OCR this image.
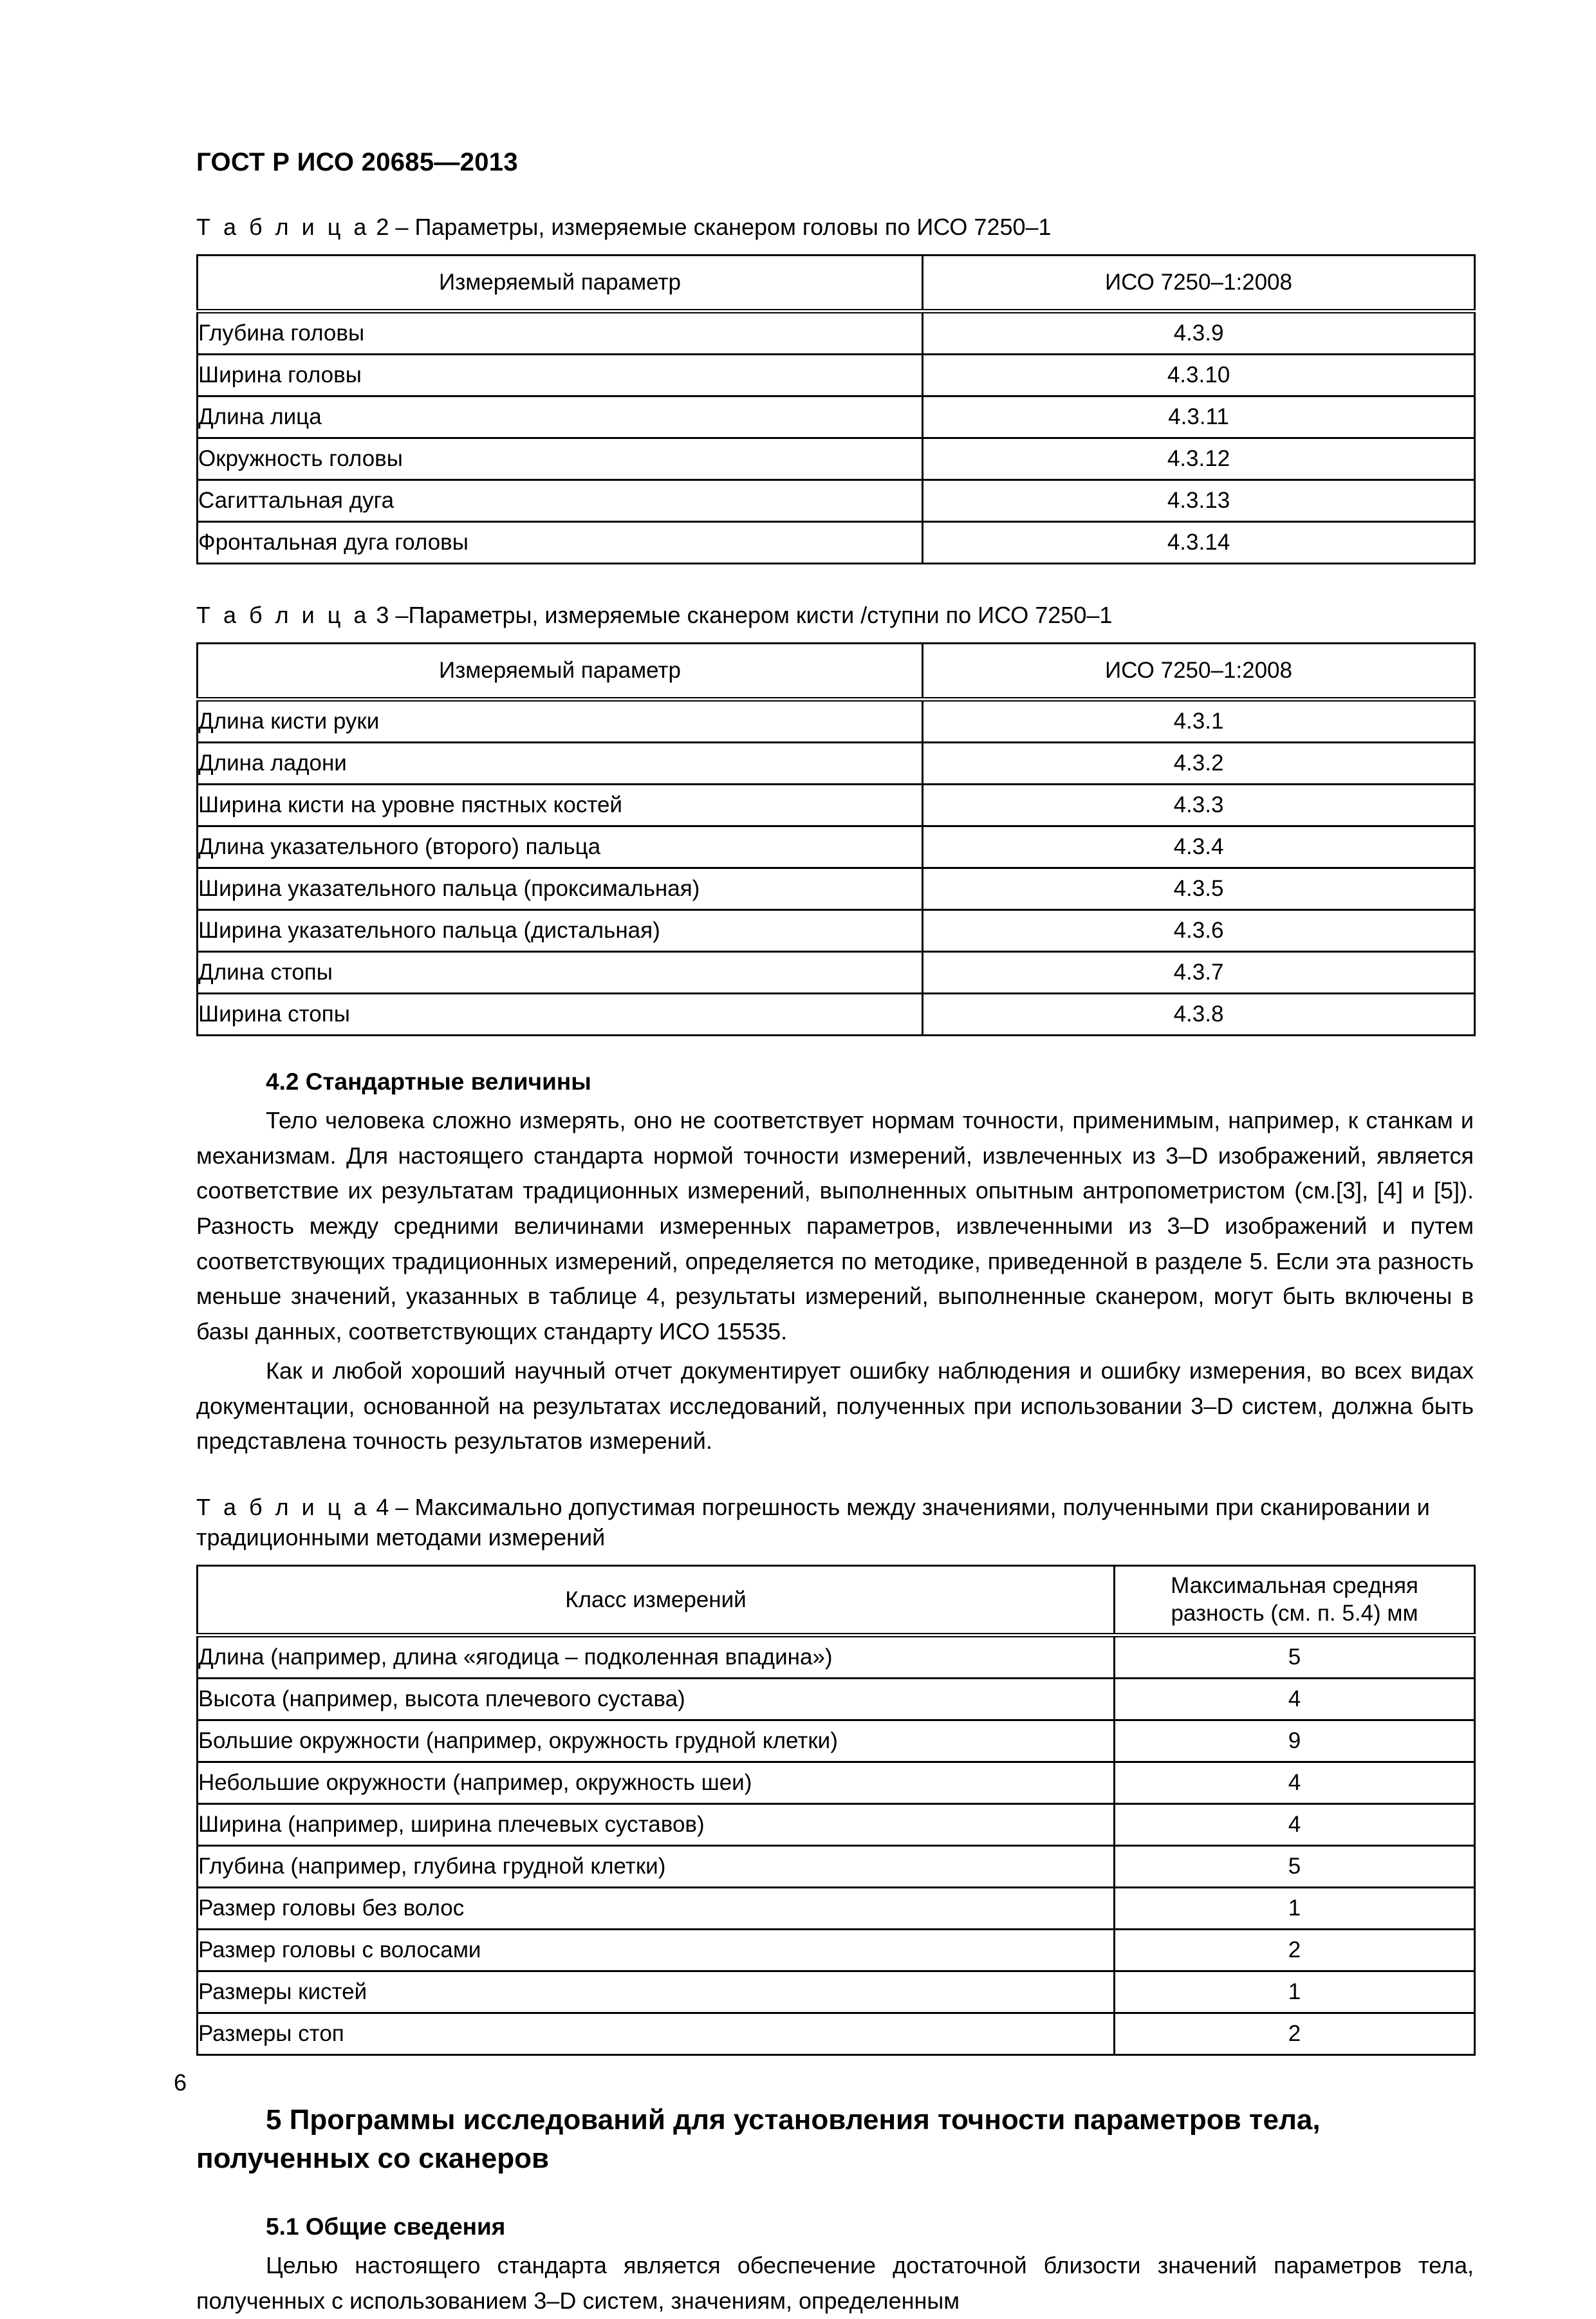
ГОСТ Р ИСО 20685—2013
Т а б л и ц а 2 – Параметры, измеряемые сканером головы по ИСО 7250–1
Измеряемый параметр	ИСО 7250–1:2008
Глубина головы	4.3.9
Ширина головы	4.3.10
Длина лица	4.3.11
Окружность головы	4.3.12
Сагиттальная дуга	4.3.13
Фронтальная дуга головы	4.3.14
Т а б л и ц а 3 –Параметры, измеряемые сканером кисти /ступни по ИСО 7250–1
Измеряемый параметр	ИСО 7250–1:2008
Длина кисти руки	4.3.1
Длина ладони	4.3.2
Ширина кисти на уровне пястных костей	4.3.3
Длина указательного (второго) пальца	4.3.4
Ширина указательного пальца (проксимальная)	4.3.5
Ширина указательного пальца (дистальная)	4.3.6
Длина стопы	4.3.7
Ширина стопы	4.3.8
4.2 Стандартные величины

Тело человека сложно измерять, оно не соответствует нормам точности, применимым, например, к станкам и механизмам. Для настоящего стандарта нормой точности измерений, извлеченных из 3–D изображений, является соответствие их результатам традиционных измерений, выполненных опытным антропометристом (см.[3], [4] и [5]). Разность между средними величинами измеренных параметров, извлеченными из 3–D изображений и путем соответствующих традиционных измерений, определяется по методике, приведенной в разделе 5. Если эта разность меньше значений, указанных в таблице 4, результаты измерений, выполненные сканером, могут быть включены в базы данных, соответствующих стандарту ИСО 15535.

Как и любой хороший научный отчет документирует ошибку наблюдения и ошибку измерения, во всех видах документации, основанной на результатах исследований, полученных при использовании 3–D систем, должна быть представлена точность результатов измерений.

Т а б л и ц а 4 – Максимально допустимая погрешность между значениями, полученными при сканировании и традиционными методами измерений
Класс измерений	Максимальная средняя
разность (см. п. 5.4) мм
Длина (например, длина «ягодица – подколенная впадина»)	5
Высота (например, высота плечевого сустава)	4
Большие окружности (например, окружность грудной клетки)	9
Небольшие окружности (например, окружность шеи)	4
Ширина (например, ширина плечевых суставов)	4
Глубина (например, глубина грудной клетки)	5
Размер головы без волос	1
Размер головы с волосами	2
Размеры кистей	1
Размеры стоп	2
5 Программы исследований для установления точности параметров тела, полученных со сканеров
5.1 Общие сведения

Целью настоящего стандарта является обеспечение достаточной близости значений параметров тела, полученных с использованием 3–D систем, значениям, определенным

6
